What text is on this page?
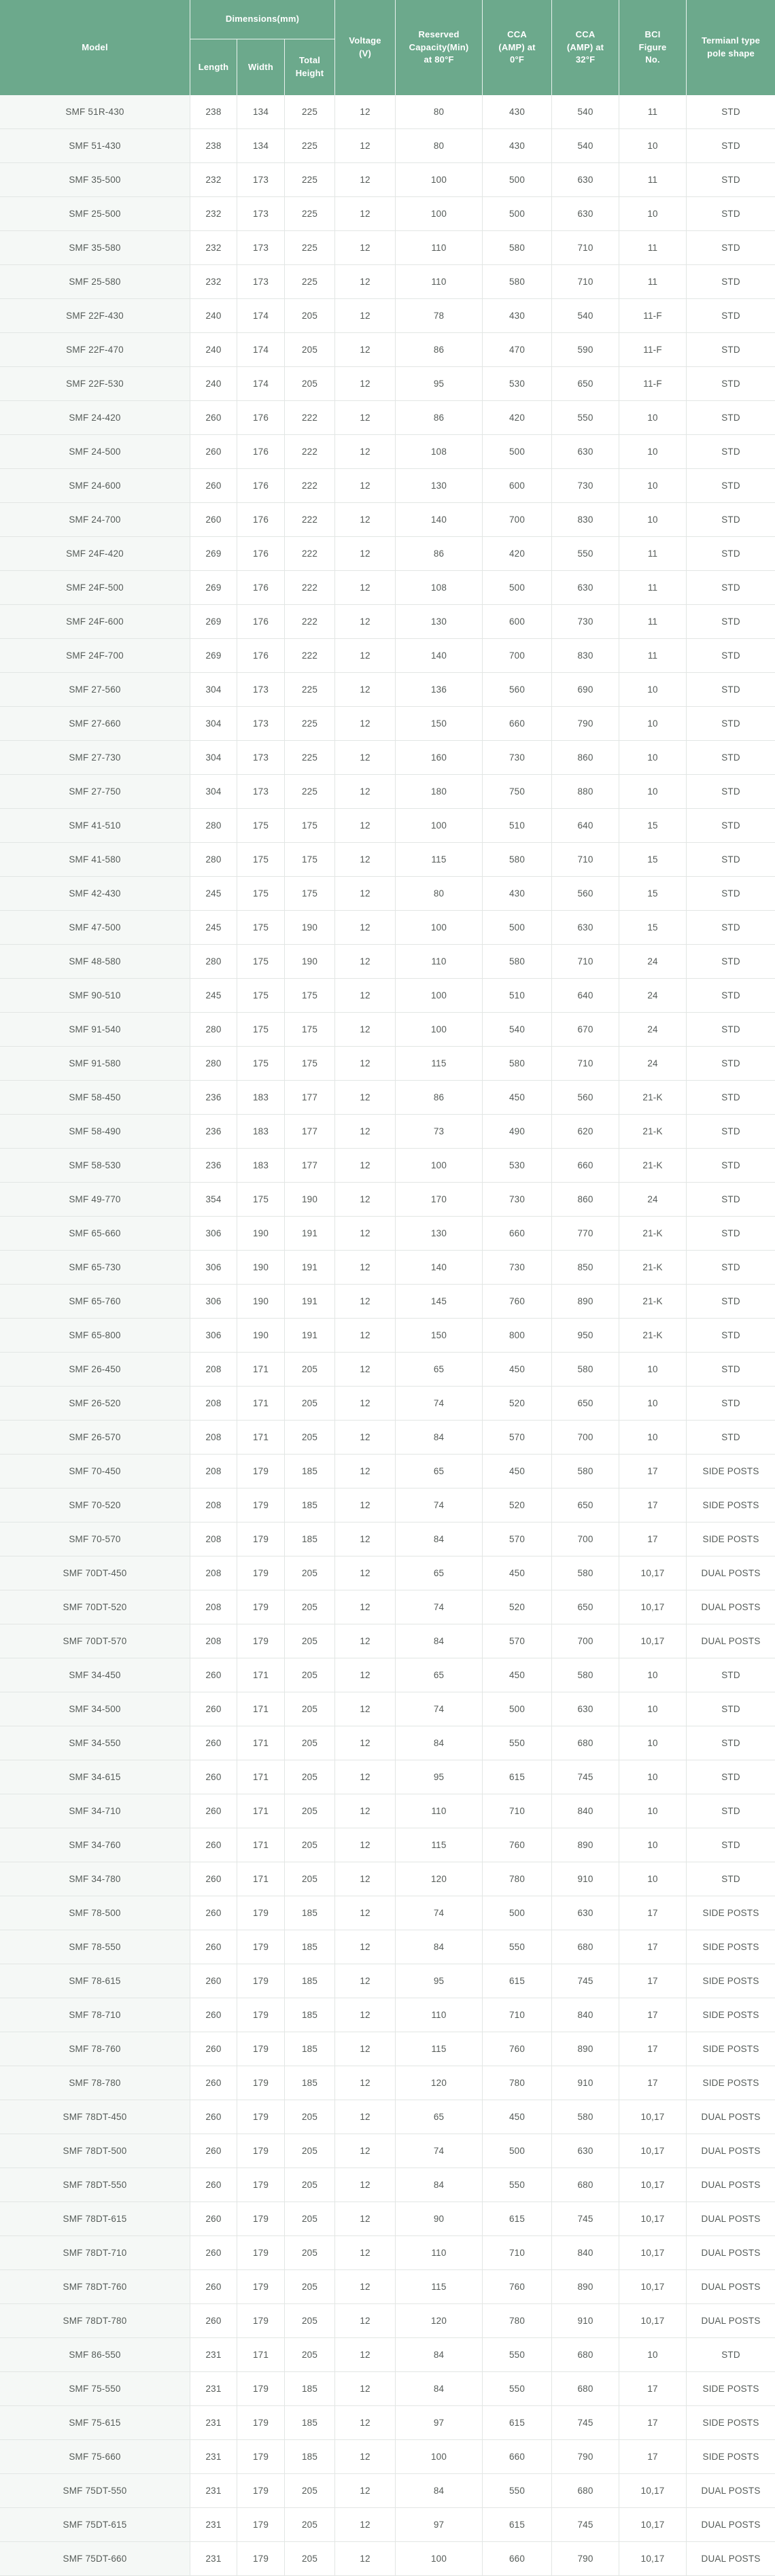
Model	Dimensions(mm)			Voltage (V)	Reserved Capacity(Min) at 80°F	CCA (AMP) at 0°F	CCA (AMP) at 32°F	BCI Figure No.	Termianl type pole shape
	Length	Width	Total Height						
SMF 51R-430	238	134	225	12	80	430	540	11	STD
SMF 51-430	238	134	225	12	80	430	540	10	STD
SMF 35-500	232	173	225	12	100	500	630	11	STD
SMF 25-500	232	173	225	12	100	500	630	10	STD
SMF 35-580	232	173	225	12	110	580	710	11	STD
SMF 25-580	232	173	225	12	110	580	710	11	STD
SMF 22F-430	240	174	205	12	78	430	540	11-F	STD
SMF 22F-470	240	174	205	12	86	470	590	11-F	STD
SMF 22F-530	240	174	205	12	95	530	650	11-F	STD
SMF 24-420	260	176	222	12	86	420	550	10	STD
SMF 24-500	260	176	222	12	108	500	630	10	STD
SMF 24-600	260	176	222	12	130	600	730	10	STD
SMF 24-700	260	176	222	12	140	700	830	10	STD
SMF 24F-420	269	176	222	12	86	420	550	11	STD
SMF 24F-500	269	176	222	12	108	500	630	11	STD
SMF 24F-600	269	176	222	12	130	600	730	11	STD
SMF 24F-700	269	176	222	12	140	700	830	11	STD
SMF 27-560	304	173	225	12	136	560	690	10	STD
SMF 27-660	304	173	225	12	150	660	790	10	STD
SMF 27-730	304	173	225	12	160	730	860	10	STD
SMF 27-750	304	173	225	12	180	750	880	10	STD
SMF 41-510	280	175	175	12	100	510	640	15	STD
SMF 41-580	280	175	175	12	115	580	710	15	STD
SMF 42-430	245	175	175	12	80	430	560	15	STD
SMF 47-500	245	175	190	12	100	500	630	15	STD
SMF 48-580	280	175	190	12	110	580	710	24	STD
SMF 90-510	245	175	175	12	100	510	640	24	STD
SMF 91-540	280	175	175	12	100	540	670	24	STD
SMF 91-580	280	175	175	12	115	580	710	24	STD
SMF 58-450	236	183	177	12	86	450	560	21-K	STD
SMF 58-490	236	183	177	12	73	490	620	21-K	STD
SMF 58-530	236	183	177	12	100	530	660	21-K	STD
SMF 49-770	354	175	190	12	170	730	860	24	STD
SMF 65-660	306	190	191	12	130	660	770	21-K	STD
SMF 65-730	306	190	191	12	140	730	850	21-K	STD
SMF 65-760	306	190	191	12	145	760	890	21-K	STD
SMF 65-800	306	190	191	12	150	800	950	21-K	STD
SMF 26-450	208	171	205	12	65	450	580	10	STD
SMF 26-520	208	171	205	12	74	520	650	10	STD
SMF 26-570	208	171	205	12	84	570	700	10	STD
SMF 70-450	208	179	185	12	65	450	580	17	SIDE POSTS
SMF 70-520	208	179	185	12	74	520	650	17	SIDE POSTS
SMF 70-570	208	179	185	12	84	570	700	17	SIDE POSTS
SMF 70DT-450	208	179	205	12	65	450	580	10,17	DUAL POSTS
SMF 70DT-520	208	179	205	12	74	520	650	10,17	DUAL POSTS
SMF 70DT-570	208	179	205	12	84	570	700	10,17	DUAL POSTS
SMF 34-450	260	171	205	12	65	450	580	10	STD
SMF 34-500	260	171	205	12	74	500	630	10	STD
SMF 34-550	260	171	205	12	84	550	680	10	STD
SMF 34-615	260	171	205	12	95	615	745	10	STD
SMF 34-710	260	171	205	12	110	710	840	10	STD
SMF 34-760	260	171	205	12	115	760	890	10	STD
SMF 34-780	260	171	205	12	120	780	910	10	STD
SMF 78-500	260	179	185	12	74	500	630	17	SIDE POSTS
SMF 78-550	260	179	185	12	84	550	680	17	SIDE POSTS
SMF 78-615	260	179	185	12	95	615	745	17	SIDE POSTS
SMF 78-710	260	179	185	12	110	710	840	17	SIDE POSTS
SMF 78-760	260	179	185	12	115	760	890	17	SIDE POSTS
SMF 78-780	260	179	185	12	120	780	910	17	SIDE POSTS
SMF 78DT-450	260	179	205	12	65	450	580	10,17	DUAL POSTS
SMF 78DT-500	260	179	205	12	74	500	630	10,17	DUAL POSTS
SMF 78DT-550	260	179	205	12	84	550	680	10,17	DUAL POSTS
SMF 78DT-615	260	179	205	12	90	615	745	10,17	DUAL POSTS
SMF 78DT-710	260	179	205	12	110	710	840	10,17	DUAL POSTS
SMF 78DT-760	260	179	205	12	115	760	890	10,17	DUAL POSTS
SMF 78DT-780	260	179	205	12	120	780	910	10,17	DUAL POSTS
SMF 86-550	231	171	205	12	84	550	680	10	STD
SMF 75-550	231	179	185	12	84	550	680	17	SIDE POSTS
SMF 75-615	231	179	185	12	97	615	745	17	SIDE POSTS
SMF 75-660	231	179	185	12	100	660	790	17	SIDE POSTS
SMF 75DT-550	231	179	205	12	84	550	680	10,17	DUAL POSTS
SMF 75DT-615	231	179	205	12	97	615	745	10,17	DUAL POSTS
SMF 75DT-660	231	179	205	12	100	660	790	10,17	DUAL POSTS
